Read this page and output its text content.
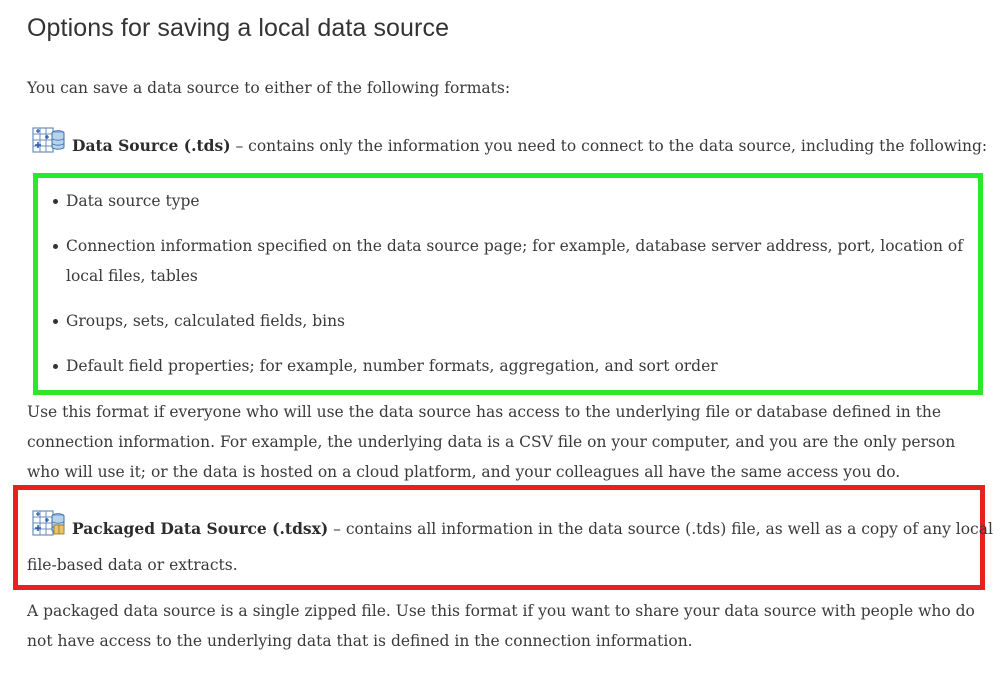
Options for saving a local data source

You can save a data source to either of the following formats:

Data Source (.tds) – contains only the information you need to connect to the data source, including the following:
Data source type
Connection information specified on the data source page; for example, database server address, port, location of local files, tables
Groups, sets, calculated fields, bins
Default field properties; for example, number formats, aggregation, and sort order

Use this format if everyone who will use the data source has access to the underlying file or database defined in the connection information. For example, the underlying data is a CSV file on your computer, and you are the only person who will use it; or the data is hosted on a cloud platform, and your colleagues all have the same access you do.

Packaged Data Source (.tdsx) – contains all information in the data source (.tds) file, as well as a copy of any local
file-based data or extracts.

A packaged data source is a single zipped file. Use this format if you want to share your data source with people who do not have access to the underlying data that is defined in the connection information.
